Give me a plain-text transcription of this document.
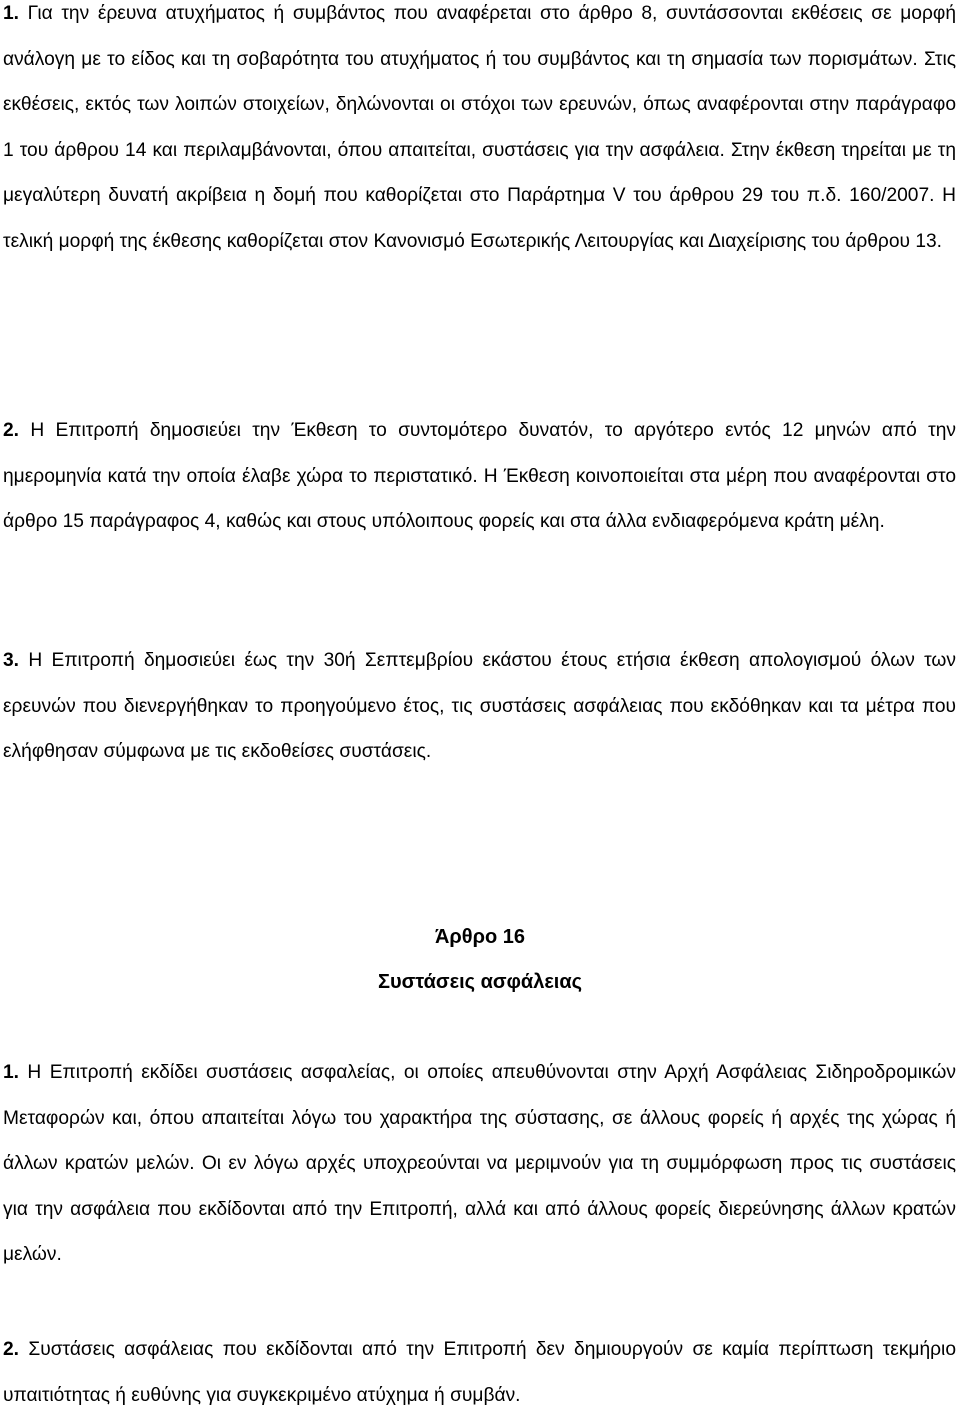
1. Για την έρευνα ατυχήματος ή συμβάντος που αναφέρεται στο άρθρο 8, συντάσσονται εκθέσεις σε μορφή ανάλογη με το είδος και τη σοβαρότητα του ατυχήματος ή του συμβάντος και τη σημασία των πορισμάτων. Στις εκθέσεις, εκτός των λοιπών στοιχείων, δηλώνονται οι στόχοι των ερευνών, όπως αναφέρονται στην παράγραφο 1 του άρθρου 14 και περιλαμβάνονται, όπου απαιτείται, συστάσεις για την ασφάλεια. Στην έκθεση τηρείται με τη μεγαλύτερη δυνατή ακρίβεια η δομή που καθορίζεται στο Παράρτημα V του άρθρου 29 του π.δ. 160/2007. Η τελική μορφή της έκθεσης καθορίζεται στον Κανονισμό Εσωτερικής Λειτουργίας και Διαχείρισης του άρθρου 13.

2. Η Επιτροπή δημοσιεύει την Έκθεση το συντομότερο δυνατόν, το αργότερο εντός 12 μηνών από την ημερομηνία κατά την οποία έλαβε χώρα το περιστατικό. Η Έκθεση κοινοποιείται στα μέρη που αναφέρονται στο άρθρο 15 παράγραφος 4, καθώς και στους υπόλοιπους φορείς και στα άλλα ενδιαφερόμενα κράτη μέλη.

3. Η Επιτροπή δημοσιεύει έως την 30ή Σεπτεμβρίου εκάστου έτους ετήσια έκθεση απολογισμού όλων των ερευνών που διενεργήθηκαν το προηγούμενο έτος, τις συστάσεις ασφάλειας που εκδόθηκαν και τα μέτρα που ελήφθησαν σύμφωνα με τις εκδοθείσες συστάσεις.

Άρθρο 16
Συστάσεις ασφάλειας

1. Η Επιτροπή εκδίδει συστάσεις ασφαλείας, οι οποίες απευθύνονται στην Αρχή Ασφάλειας Σιδηροδρομικών Μεταφορών και, όπου απαιτείται λόγω του χαρακτήρα της σύστασης, σε άλλους φορείς ή αρχές της χώρας ή άλλων κρατών μελών. Οι εν λόγω αρχές υποχρεούνται να μεριμνούν για τη συμμόρφωση προς τις συστάσεις για την ασφάλεια που εκδίδονται από την Επιτροπή, αλλά και από άλλους φορείς διερεύνησης άλλων κρατών μελών.

2. Συστάσεις ασφάλειας που εκδίδονται από την Επιτροπή δεν δημιουργούν σε καμία περίπτωση τεκμήριο υπαιτιότητας ή ευθύνης για συγκεκριμένο ατύχημα ή συμβάν.
